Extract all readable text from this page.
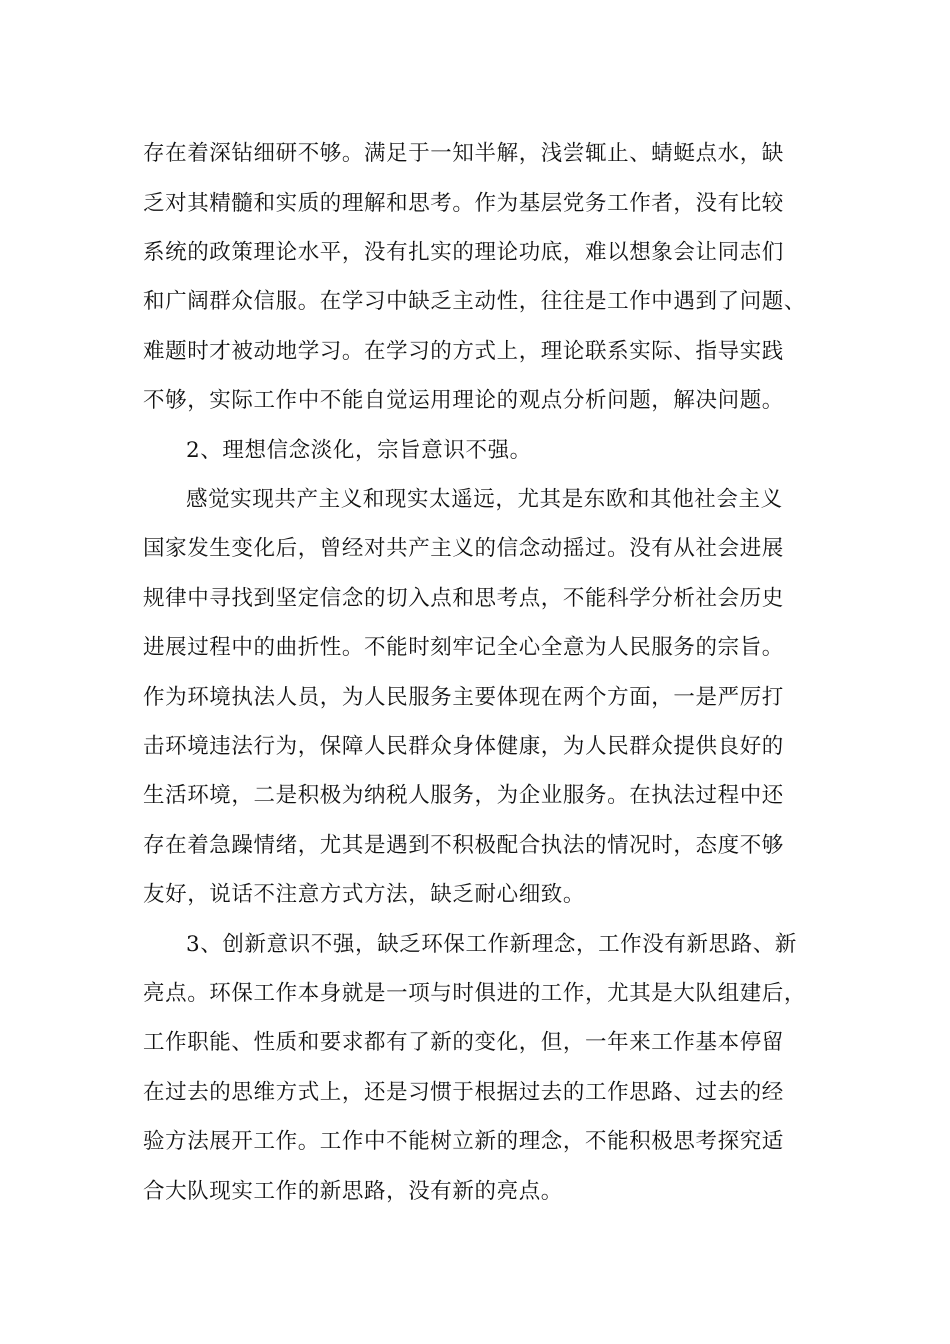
存在着深钻细研不够。满足于一知半解，浅尝辄止、蜻蜓点水，缺
乏对其精髓和实质的理解和思考。作为基层党务工作者，没有比较
系统的政策理论水平，没有扎实的理论功底，难以想象会让同志们
和广阔群众信服。在学习中缺乏主动性，往往是工作中遇到了问题、
难题时才被动地学习。在学习的方式上，理论联系实际、指导实践
不够，实际工作中不能自觉运用理论的观点分析问题，解决问题。
2、理想信念淡化，宗旨意识不强。
感觉实现共产主义和现实太遥远，尤其是东欧和其他社会主义
国家发生变化后，曾经对共产主义的信念动摇过。没有从社会进展
规律中寻找到坚定信念的切入点和思考点，不能科学分析社会历史
进展过程中的曲折性。不能时刻牢记全心全意为人民服务的宗旨。
作为环境执法人员，为人民服务主要体现在两个方面，一是严厉打
击环境违法行为，保障人民群众身体健康，为人民群众提供良好的
生活环境，二是积极为纳税人服务，为企业服务。在执法过程中还
存在着急躁情绪，尤其是遇到不积极配合执法的情况时，态度不够
友好，说话不注意方式方法，缺乏耐心细致。
3、创新意识不强，缺乏环保工作新理念，工作没有新思路、新
亮点。环保工作本身就是一项与时俱进的工作，尤其是大队组建后，
工作职能、性质和要求都有了新的变化，但，一年来工作基本停留
在过去的思维方式上，还是习惯于根据过去的工作思路、过去的经
验方法展开工作。工作中不能树立新的理念，不能积极思考探究适
合大队现实工作的新思路，没有新的亮点。
